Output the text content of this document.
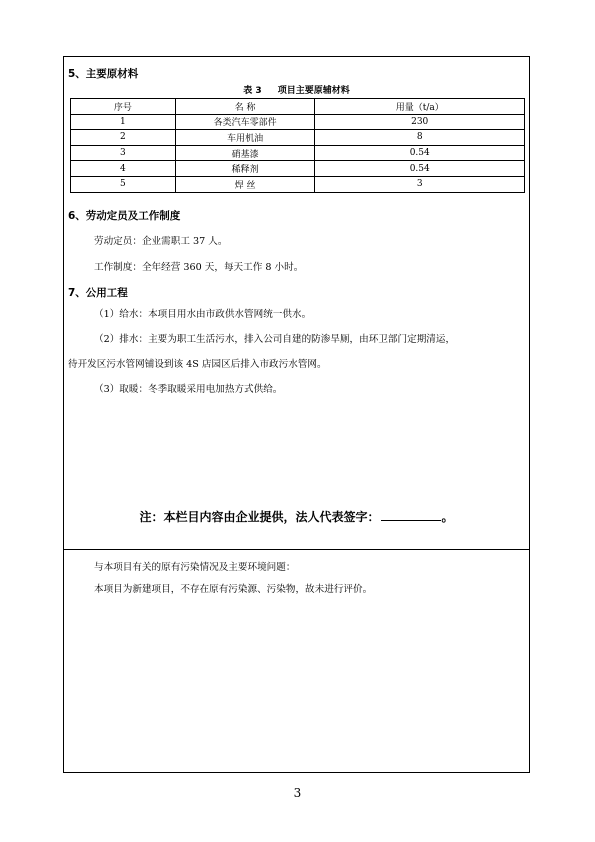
5、主要原材料
表 3 项目主要原辅材料
序号	名 称	用量（t/a）
1	各类汽车零部件	230
2	车用机油	8
3	硝基漆	0.54
4	稀释剂	0.54
5	焊 丝	3
6、劳动定员及工作制度
劳动定员：企业需职工 37 人。
工作制度：全年经营 360 天，每天工作 8 小时。
7、公用工程
（1）给水：本项目用水由市政供水管网统一供水。
（2）排水：主要为职工生活污水，排入公司自建的防渗旱厕，由环卫部门定期清运，
待开发区污水管网铺设到该 4S 店园区后排入市政污水管网。
（3）取暖：冬季取暖采用电加热方式供给。
注：本栏目内容由企业提供，法人代表签字：	。
与本项目有关的原有污染情况及主要环境问题：
本项目为新建项目，不存在原有污染源、污染物，故未进行评价。
3
